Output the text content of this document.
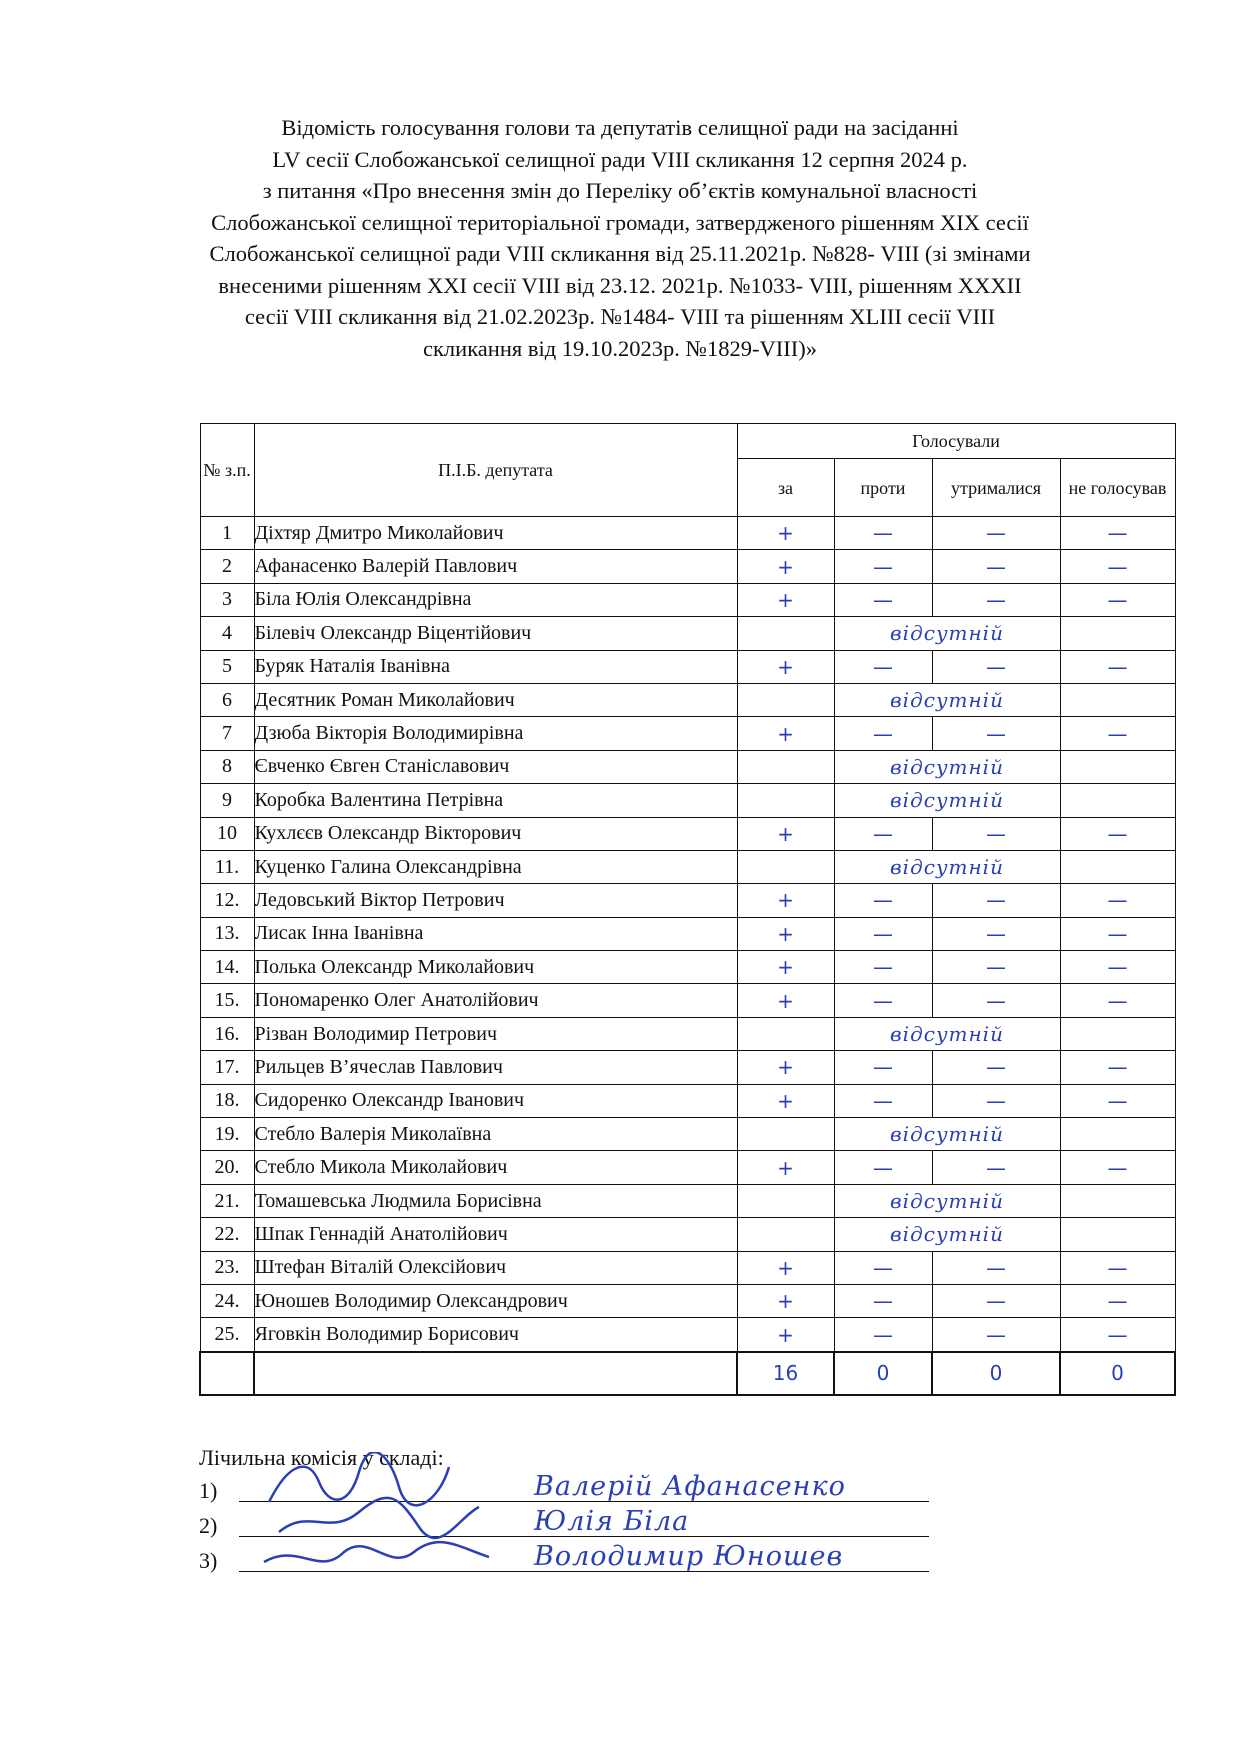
Відомість голосування голови та депутатів селищної ради на засіданні
LV сесії Слобожанської селищної ради VIII скликання 12 серпня 2024 р.
з питання «Про внесення змін до Переліку об’єктів комунальної власності
Слобожанської селищної територіальної громади, затвердженого рішенням XIX сесії
Слобожанської селищної ради VIII скликання від 25.11.2021р. №828- VIII (зі змінами
внесеними рішенням XXI сесії VIII від 23.12. 2021р. №1033- VIII, рішенням XXXII
сесії VIII скликання від 21.02.2023р. №1484- VIII та рішенням XLIII сесії VIII
скликання від 19.10.2023р. №1829-VIII)»
№ з.п.	П.І.Б. депутата	Голосували			
		за	проти	утрималися	не голосував
1	Діхтяр Дмитро Миколайович	+	—	—	—
2	Афанасенко Валерій Павлович	+	—	—	—
3	Біла Юлія Олександрівна	+	—	—	—
4	Білевіч Олександр Віцентійович		відсутній		
5	Буряк Наталія Іванівна	+	—	—	—
6	Десятник Роман Миколайович		відсутній		
7	Дзюба Вікторія Володимирівна	+	—	—	—
8	Євченко Євген Станіславович		відсутній		
9	Коробка Валентина Петрівна		відсутній		
10	Кухлєєв Олександр Вікторович	+	—	—	—
11.	Куценко Галина Олександрівна		відсутній		
12.	Ледовський Віктор Петрович	+	—	—	—
13.	Лисак Інна Іванівна	+	—	—	—
14.	Полька Олександр Миколайович	+	—	—	—
15.	Пономаренко Олег Анатолійович	+	—	—	—
16.	Різван Володимир Петрович		відсутній		
17.	Рильцев В’ячеслав Павлович	+	—	—	—
18.	Сидоренко Олександр Іванович	+	—	—	—
19.	Стебло Валерія Миколаївна		відсутній		
20.	Стебло Микола Миколайович	+	—	—	—
21.	Томашевська Людмила Борисівна		відсутній		
22.	Шпак Геннадій Анатолійович		відсутній		
23.	Штефан Віталій Олексійович	+	—	—	—
24.	Юношев Володимир Олександрович	+	—	—	—
25.	Яговкін Володимир Борисович	+	—	—	—
		16	0	0	0
Лічильна комісія у складі:
1)	Валерій Афанасенко
2)	Юлія Біла
3)	Володимир Юношев
